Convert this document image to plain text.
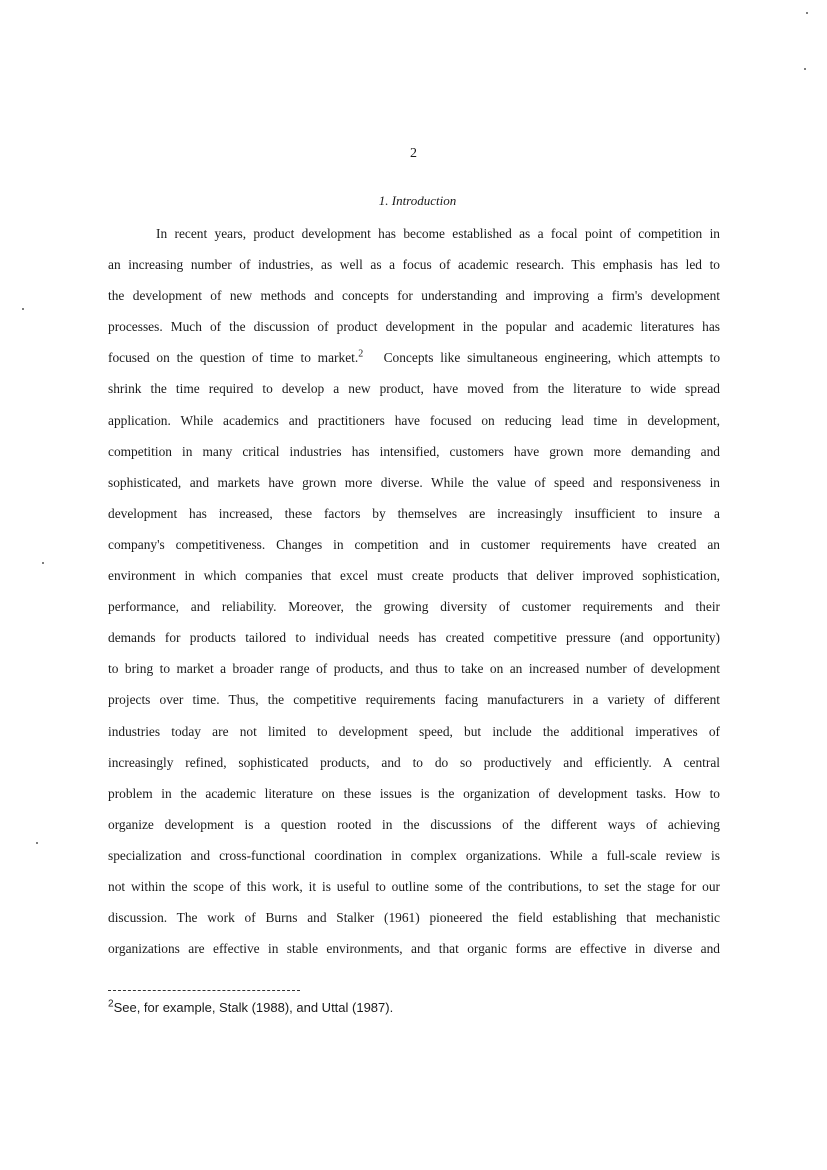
2
1. Introduction
In recent years, product development has become established as a focal point of competition in
an increasing number of industries, as well as a focus of academic research. This emphasis has led to
the development of new methods and concepts for understanding and improving a firm's development
processes. Much of the discussion of product development in the popular and academic literatures has
focused on the question of time to market.$^2$ Concepts like simultaneous engineering, which attempts to
shrink the time required to develop a new product, have moved from the literature to wide spread
application. While academics and practitioners have focused on reducing lead time in development,
competition in many critical industries has intensified, customers have grown more demanding and
sophisticated, and markets have grown more diverse. While the value of speed and responsiveness in
development has increased, these factors by themselves are increasingly insufficient to insure a
company's competitiveness. Changes in competition and in customer requirements have created an
environment in which companies that excel must create products that deliver improved sophistication,
performance, and reliability. Moreover, the growing diversity of customer requirements and their
demands for products tailored to individual needs has created competitive pressure (and opportunity)
to bring to market a broader range of products, and thus to take on an increased number of development
projects over time. Thus, the competitive requirements facing manufacturers in a variety of different
industries today are not limited to development speed, but include the additional imperatives of
increasingly refined, sophisticated products, and to do so productively and efficiently. A central
problem in the academic literature on these issues is the organization of development tasks. How to
organize development is a question rooted in the discussions of the different ways of achieving
specialization and cross-functional coordination in complex organizations. While a full-scale review is
not within the scope of this work, it is useful to outline some of the contributions, to set the stage for our
discussion. The work of Burns and Stalker (1961) pioneered the field establishing that mechanistic
organizations are effective in stable environments, and that organic forms are effective in diverse and
$^2$See, for example, Stalk (1988), and Uttal (1987).
